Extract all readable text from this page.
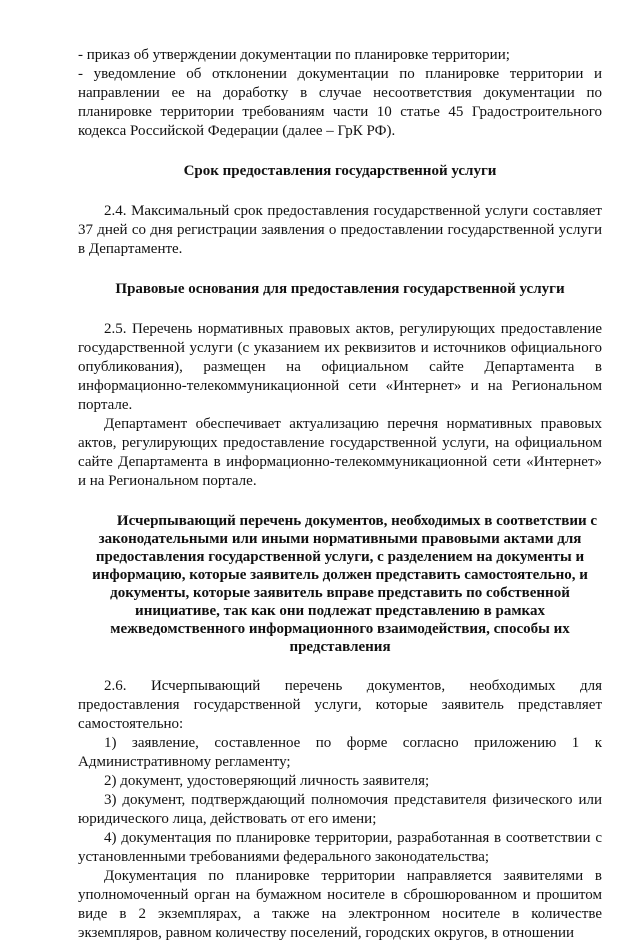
- приказ об утверждении документации по планировке территории;

- уведомление об отклонении документации по планировке территории и направлении ее на доработку в случае несоответствия документации по планировке территории требованиям части 10 статье 45 Градостроительного кодекса Российской Федерации (далее – ГрК РФ).

Срок предоставления государственной услуги

2.4. Максимальный срок предоставления государственной услуги составляет 37 дней со дня регистрации заявления о предоставлении государственной услуги в Департаменте.

Правовые основания для предоставления государственной услуги

2.5. Перечень нормативных правовых актов, регулирующих предоставление государственной услуги (с указанием их реквизитов и источников официального опубликования), размещен на официальном сайте Департамента в информационно-телекоммуникационной сети «Интернет» и на Региональном портале.

Департамент обеспечивает актуализацию перечня нормативных правовых актов, регулирующих предоставление государственной услуги, на официальном сайте Департамента в информационно-телекоммуникационной сети «Интернет» и на Региональном портале.

Исчерпывающий перечень документов, необходимых в соответствии с законодательными или иными нормативными правовыми актами для предоставления государственной услуги, с разделением на документы и информацию, которые заявитель должен представить самостоятельно, и документы, которые заявитель вправе представить по собственной инициативе, так как они подлежат представлению в рамках межведомственного информационного взаимодействия, способы их представления

2.6. Исчерпывающий перечень документов, необходимых для предоставления государственной услуги, которые заявитель представляет самостоятельно:

1) заявление, составленное по форме согласно приложению 1 к Административному регламенту;

2) документ, удостоверяющий личность заявителя;

3) документ, подтверждающий полномочия представителя физического или юридического лица, действовать от его имени;

4) документация по планировке территории, разработанная в соответствии с установленными требованиями федерального законодательства;

Документация по планировке территории направляется заявителями в уполномоченный орган на бумажном носителе в сброшюрованном и прошитом виде в 2 экземплярах, а также на электронном носителе в количестве экземпляров, равном количеству поселений, городских округов, в отношении
